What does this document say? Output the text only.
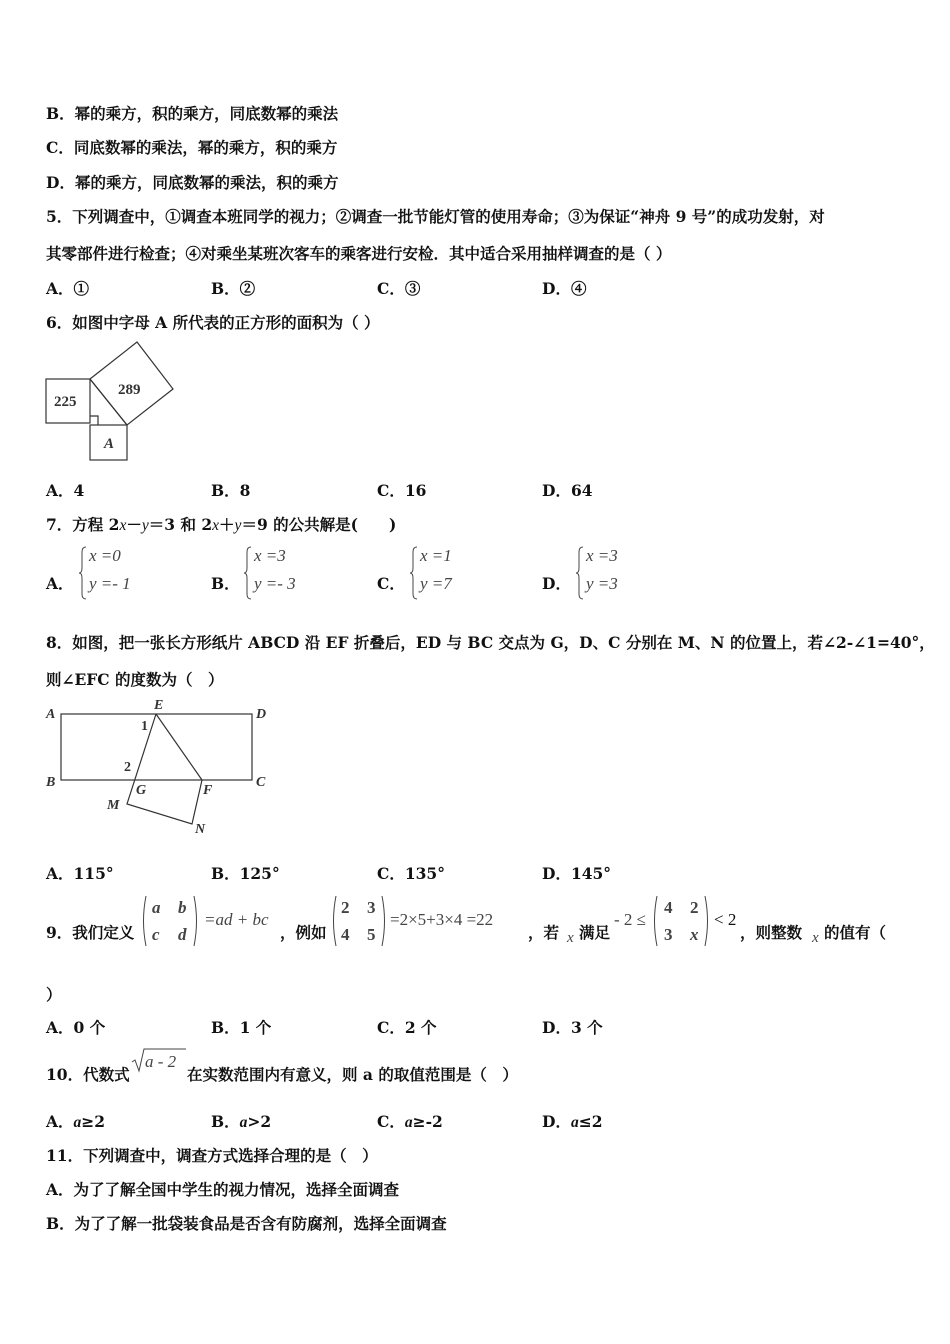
B．幂的乘方，积的乘方，同底数幂的乘法
C．同底数幂的乘法，幂的乘方，积的乘方
D．幂的乘方，同底数幂的乘法，积的乘方
5．下列调查中，①调查本班同学的视力；②调查一批节能灯管的使用寿命；③为保证“神舟 9 号”的成功发射，对
其零部件进行检查；④对乘坐某班次客车的乘客进行安检．其中适合采用抽样调查的是（ ）
A．①	B．②	C．③	D．④
6．如图中字母 A 所代表的正方形的面积为（ ）
225
289
A
A．4	B．8	C．16	D．64
7．方程 2x－y＝3 和 2x＋y＝9 的公共解是(　　)
A．
x =0
y =- 1	B．
x =3
y =- 3	C．
x =1
y =7	D．
x =3
y =3
8．如图，把一张长方形纸片 ABCD 沿 EF 折叠后，ED 与 BC 交点为 G，D、C 分别在 M、N 的位置上，若∠2-∠1=40°，
则∠EFC 的度数为（　）
A	D
B	C
E
F
G
M
N
1
2
A．115°	B．125°	C．135°	D．145°
9．我们定义
a b
c d
=ad + bc
，例如
2 3
4 5
=2×5+3×4 =22
，若 x 满足
- 2 ≤
4 2
3 x
< 2
，则整数 x 的值有（
）
A．0 个	B．1 个	C．2 个	D．3 个
10．代数式
a - 2
在实数范围内有意义，则 a 的取值范围是（　）
A．a≥2	B．a>2	C．a≥-2	D．a≤2
11．下列调查中，调查方式选择合理的是（　）
A．为了了解全国中学生的视力情况，选择全面调查
B．为了了解一批袋装食品是否含有防腐剂，选择全面调查
